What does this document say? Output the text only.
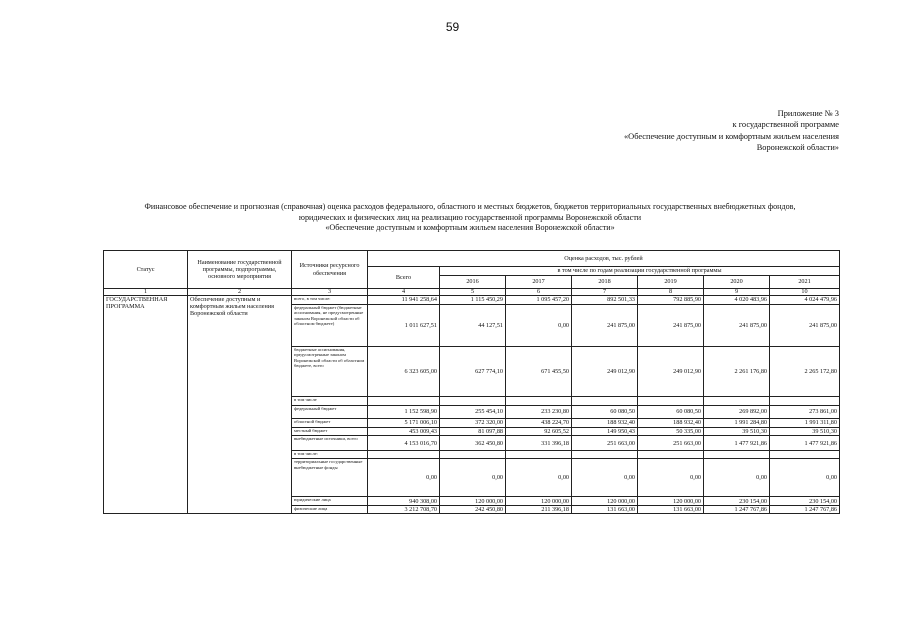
59
Приложение № 3
к государственной программе
«Обеспечение доступным и комфортным жильем населения
Воронежской области»
Финансовое обеспечение и прогнозная (справочная) оценка расходов федерального, областного и местных бюджетов, бюджетов территориальных государственных внебюджетных фондов,
юридических и физических лиц на реализацию государственной программы Воронежской области
«Обеспечение доступным и комфортным жильем населения Воронежской области»
Статус	Наименование государственной программы, подпрограммы, основного мероприятия	Источники ресурсного обеспечения	Оценка расходов, тыс. рублей						
			Всего	в том числе по годам реализации государственной программы					
				2016	2017	2018	2019	2020	2021
1	2	3	4	5	6	7	8	9	10
ГОСУДАРСТВЕННАЯ ПРОГРАММА	Обеспечение доступным и комфортным жильем населения Воронежской области	всего, в том числе:	11 941 258,64	1 115 450,29	1 095 457,20	892 501,33	792 885,90	4 020 483,96	4 024 479,96
		федеральный бюджет (бюджетные ассигнования, не предусмотренные законом Воронежской области об областном бюджете)	1 011 627,51	44 127,51	0,00	241 875,00	241 875,00	241 875,00	241 875,00
		бюджетные ассигнования, предусмотренные законом Воронежской области об областном бюджете, всего	6 323 605,00	627 774,10	671 455,50	249 012,90	249 012,90	2 261 176,80	2 265 172,80
		в том числе							
		федеральный бюджет	1 152 598,90	255 454,10	233 230,80	60 080,50	60 080,50	269 892,00	273 861,00
		областной бюджет	5 171 006,10	372 320,00	438 224,70	188 932,40	188 932,40	1 991 284,80	1 991 311,80
		местный бюджет	453 009,43	81 097,88	92 605,52	149 950,43	50 335,00	39 510,30	39 510,30
		внебюджетные источники, всего	4 153 016,70	362 450,80	331 396,18	251 663,00	251 663,00	1 477 921,86	1 477 921,86
		в том числе:							
		территориальные государственные внебюджетные фонды	0,00	0,00	0,00	0,00	0,00	0,00	0,00
		юридические лица	940 308,00	120 000,00	120 000,00	120 000,00	120 000,00	230 154,00	230 154,00
		физические лица	3 212 708,70	242 450,80	211 396,18	131 663,00	131 663,00	1 247 767,86	1 247 767,86
